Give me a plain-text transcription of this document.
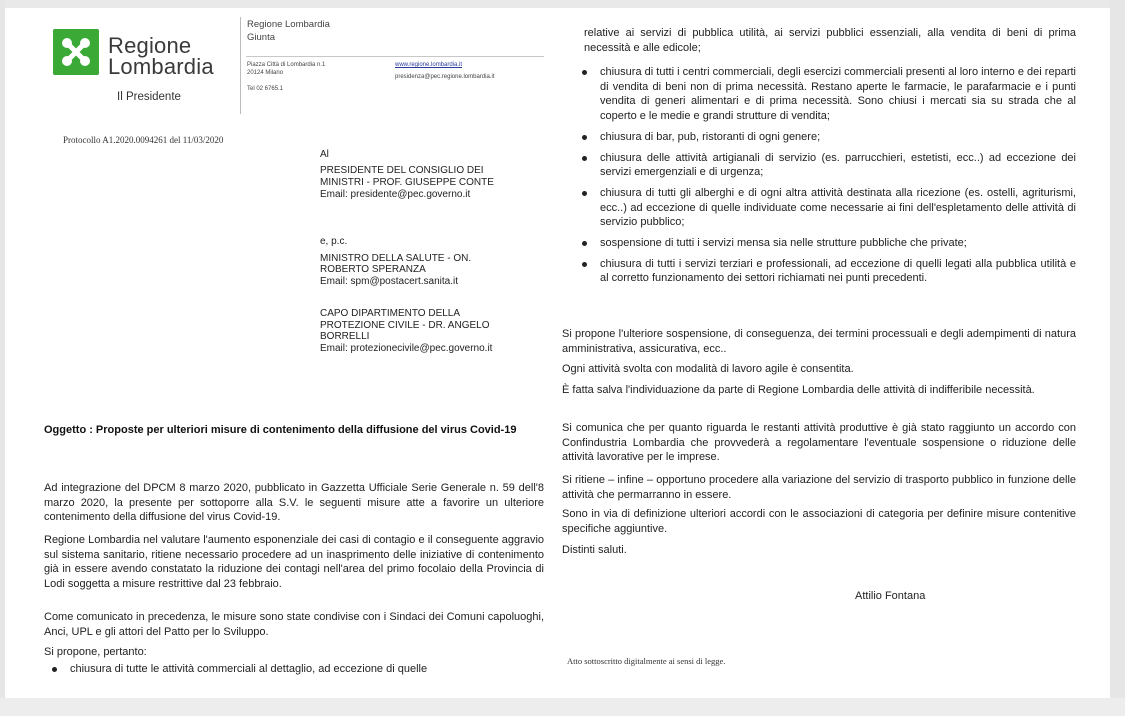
Regione
Lombardia
Il Presidente
Regione Lombardia
Giunta
Piazza Città di Lombardia n.1
20124 Milano
Tel 02 6765.1
www.regione.lombardia.it
presidenza@pec.regione.lombardia.it
Protocollo A1.2020.0094261 del 11/03/2020
Al
PRESIDENTE DEL CONSIGLIO DEI
MINISTRI - PROF. GIUSEPPE CONTE
Email: presidente@pec.governo.it
e, p.c.
MINISTRO DELLA SALUTE - ON.
ROBERTO SPERANZA
Email: spm@postacert.sanita.it
CAPO DIPARTIMENTO DELLA
PROTEZIONE CIVILE - DR. ANGELO
BORRELLI
Email: protezionecivile@pec.governo.it
Oggetto : Proposte per ulteriori misure di contenimento della diffusione del virus Covid-19
Ad integrazione del DPCM 8 marzo 2020, pubblicato in Gazzetta Ufficiale Serie Generale n. 59 dell'8 marzo 2020, la presente per sottoporre alla S.V. le seguenti misure atte a favorire un ulteriore contenimento della diffusione del virus Covid-19.
Regione Lombardia nel valutare l'aumento esponenziale dei casi di contagio e il conseguente aggravio sul sistema sanitario, ritiene necessario procedere ad un inasprimento delle iniziative di contenimento già in essere avendo constatato la riduzione dei contagi nell'area del primo focolaio della Provincia di Lodi soggetta a misure restrittive dal 23 febbraio.
Come comunicato in precedenza, le misure sono state condivise con i Sindaci dei Comuni capoluoghi, Anci, UPL e gli attori del Patto per lo Sviluppo.
Si propone, pertanto:
chiusura di tutte le attività commerciali al dettaglio, ad eccezione di quelle
relative ai servizi di pubblica utilità, ai servizi pubblici essenziali, alla vendita di beni di prima necessità e alle edicole;
chiusura di tutti i centri commerciali, degli esercizi commerciali presenti al loro interno e dei reparti di vendita di beni non di prima necessità. Restano aperte le farmacie, le parafarmacie e i punti vendita di generi alimentari e di prima necessità. Sono chiusi i mercati sia su strada che al coperto e le medie e grandi strutture di vendita;
chiusura di bar, pub, ristoranti di ogni genere;
chiusura delle attività artigianali di servizio (es. parrucchieri, estetisti, ecc..) ad eccezione dei servizi emergenziali e di urgenza;
chiusura di tutti gli alberghi e di ogni altra attività destinata alla ricezione (es. ostelli, agriturismi, ecc..) ad eccezione di quelle individuate come necessarie ai fini dell'espletamento delle attività di servizio pubblico;
sospensione di tutti i servizi mensa sia nelle strutture pubbliche che private;
chiusura di tutti i servizi terziari e professionali, ad eccezione di quelli legati alla pubblica utilità e al corretto funzionamento dei settori richiamati nei punti precedenti.
Si propone l'ulteriore sospensione, di conseguenza, dei termini processuali e degli adempimenti di natura amministrativa, assicurativa, ecc..
Ogni attività svolta con modalità di lavoro agile è consentita.
È fatta salva l'individuazione da parte di Regione Lombardia delle attività di indifferibile necessità.
Si comunica che per quanto riguarda le restanti attività produttive è già stato raggiunto un accordo con Confindustria Lombardia che provvederà a regolamentare l'eventuale sospensione o riduzione delle attività lavorative per le imprese.
Si ritiene – infine – opportuno procedere alla variazione del servizio di trasporto pubblico in funzione delle attività che permarranno in essere.
Sono in via di definizione ulteriori accordi con le associazioni di categoria per definire misure contenitive specifiche aggiuntive.
Distinti saluti.
Attilio Fontana
Atto sottoscritto digitalmente ai sensi di legge.
